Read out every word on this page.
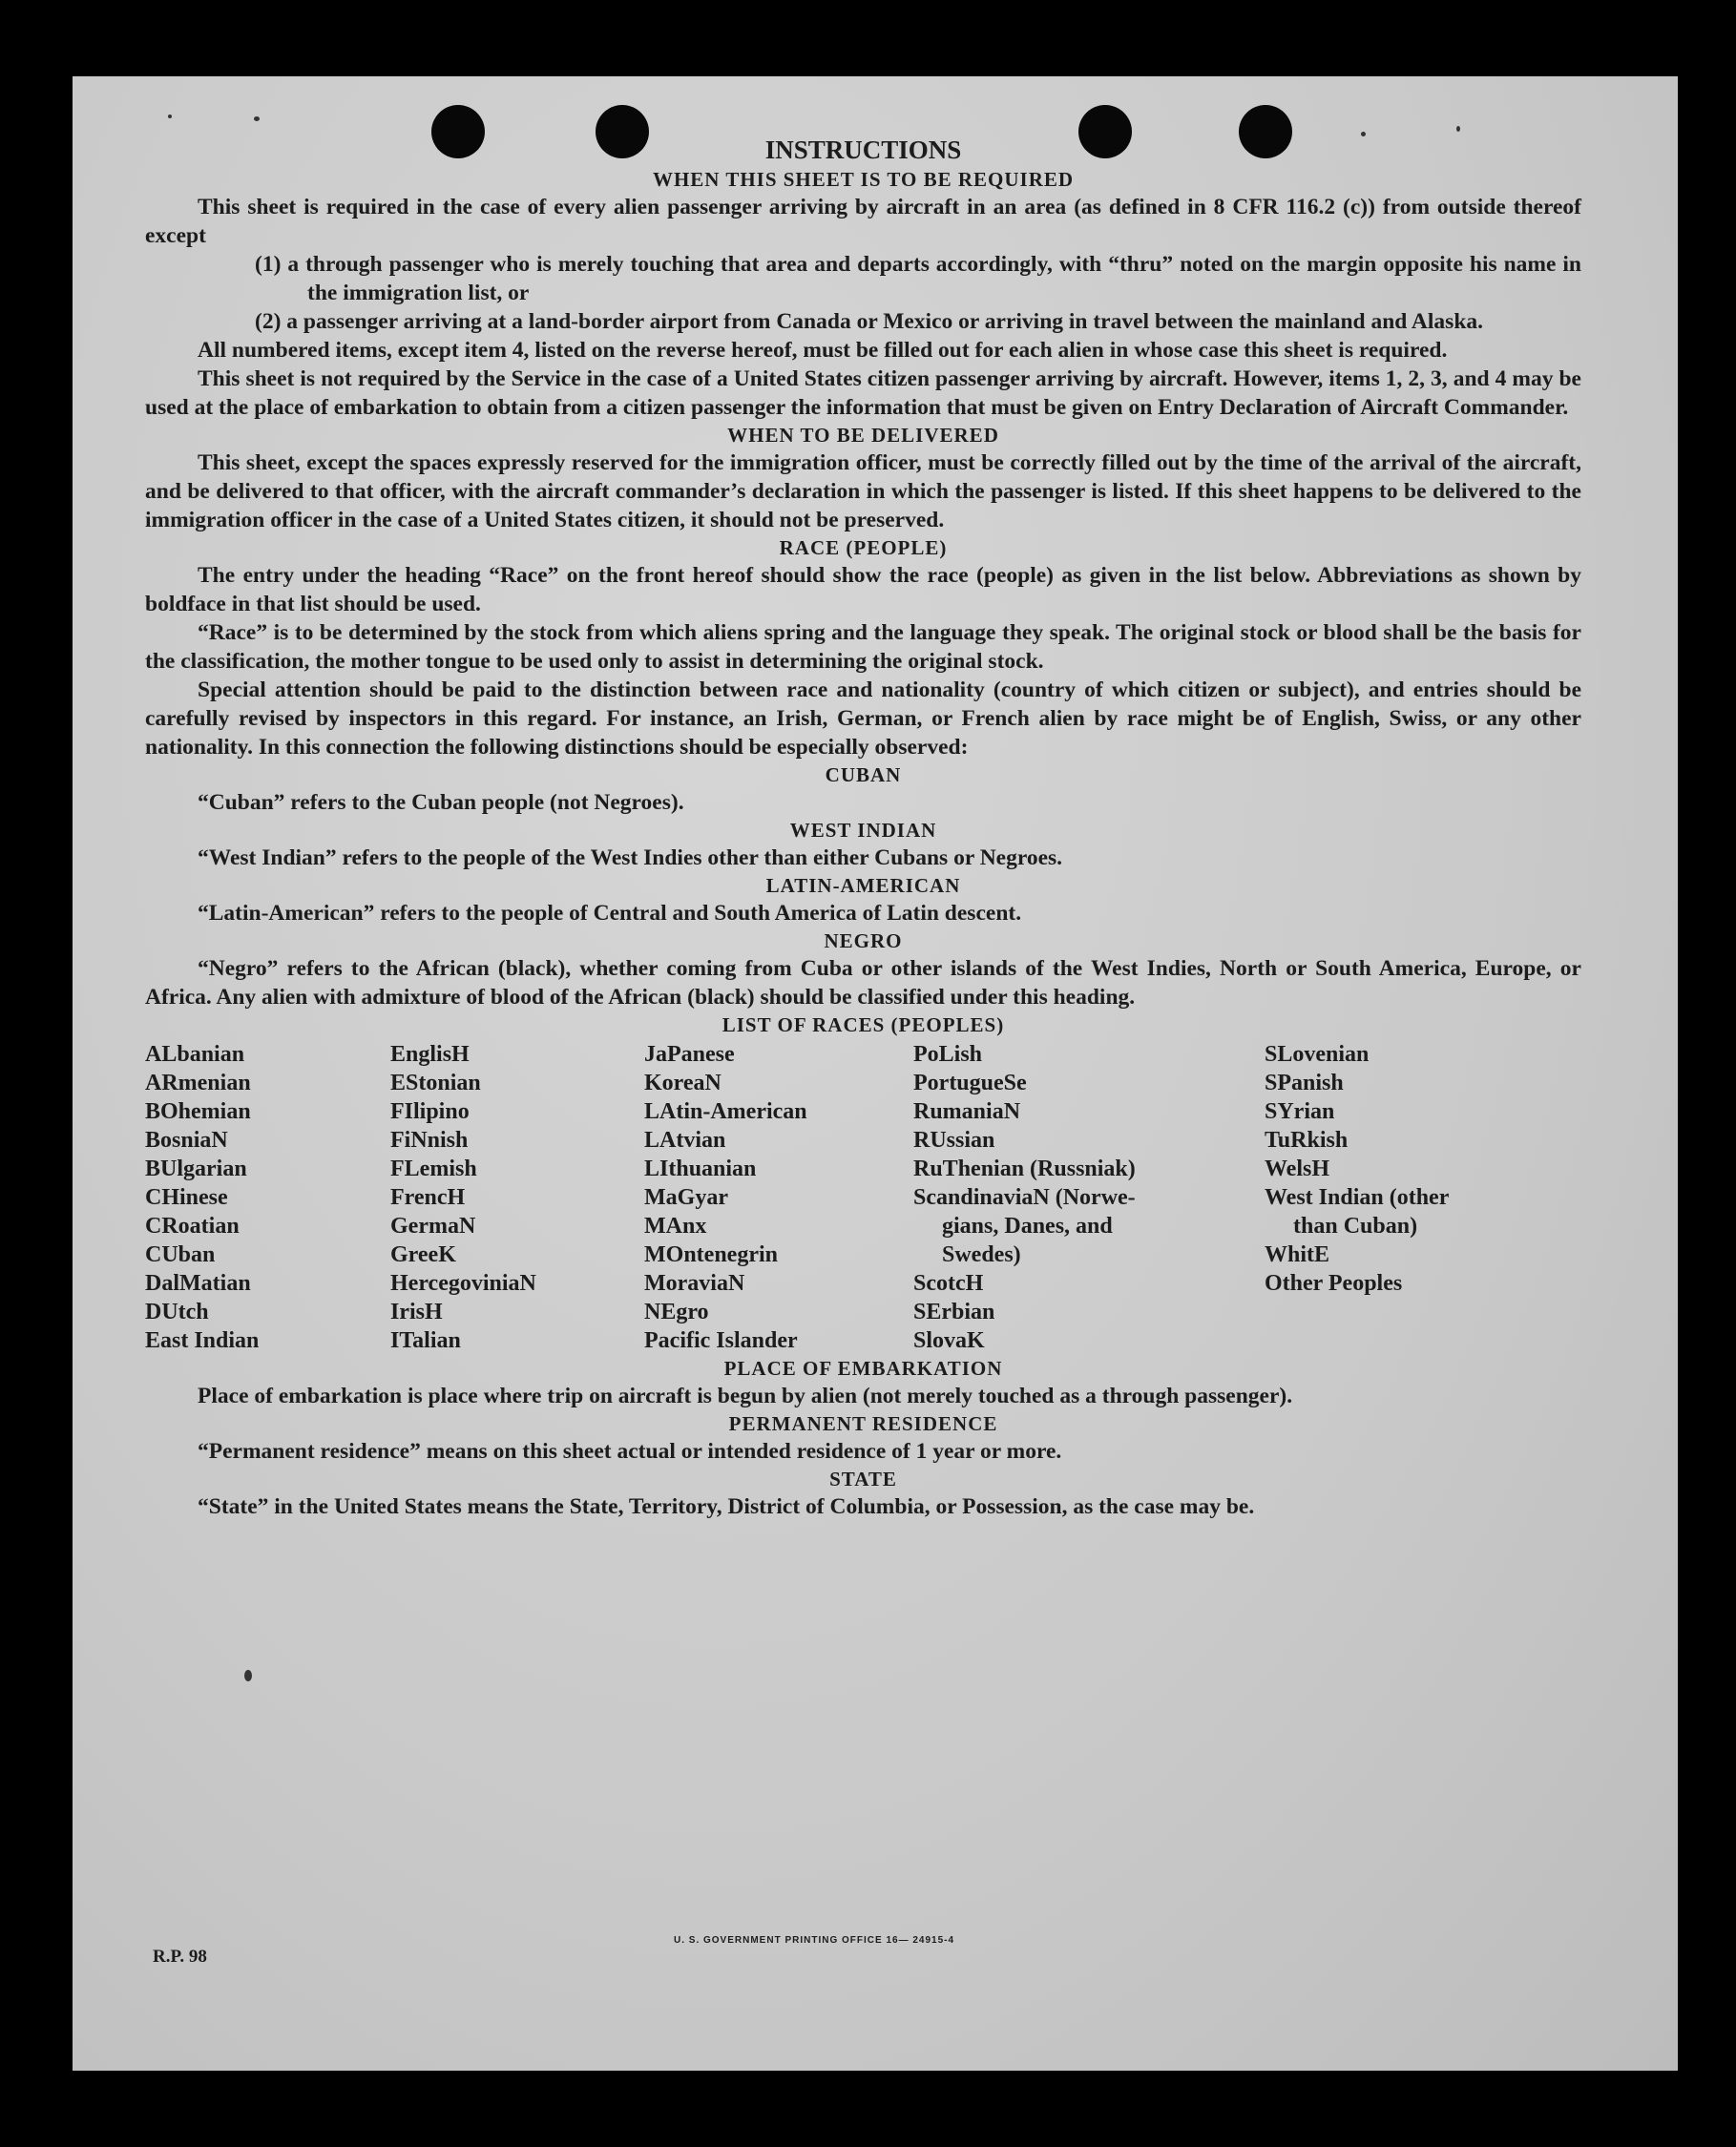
INSTRUCTIONS
WHEN THIS SHEET IS TO BE REQUIRED

This sheet is required in the case of every alien passenger arriving by aircraft in an area (as defined in 8 CFR 116.2 (c)) from outside thereof except

(1) a through passenger who is merely touching that area and departs accordingly, with “thru” noted on the margin opposite his name in the immigration list, or

(2) a passenger arriving at a land-border airport from Canada or Mexico or arriving in travel between the mainland and Alaska.

All numbered items, except item 4, listed on the reverse hereof, must be filled out for each alien in whose case this sheet is required.

This sheet is not required by the Service in the case of a United States citizen passenger arriving by aircraft. However, items 1, 2, 3, and 4 may be used at the place of embarkation to obtain from a citizen passenger the information that must be given on Entry Declaration of Aircraft Commander.

WHEN TO BE DELIVERED

This sheet, except the spaces expressly reserved for the immigration officer, must be correctly filled out by the time of the arrival of the aircraft, and be delivered to that officer, with the aircraft commander’s declaration in which the passenger is listed. If this sheet happens to be delivered to the immigration officer in the case of a United States citizen, it should not be preserved.

RACE (PEOPLE)

The entry under the heading “Race” on the front hereof should show the race (people) as given in the list below. Abbreviations as shown by boldface in that list should be used.

“Race” is to be determined by the stock from which aliens spring and the language they speak. The original stock or blood shall be the basis for the classification, the mother tongue to be used only to assist in determining the original stock.

Special attention should be paid to the distinction between race and nationality (country of which citizen or subject), and entries should be carefully revised by inspectors in this regard. For instance, an Irish, German, or French alien by race might be of English, Swiss, or any other nationality. In this connection the following distinctions should be especially observed:

CUBAN

“Cuban” refers to the Cuban people (not Negroes).

WEST INDIAN

“West Indian” refers to the people of the West Indies other than either Cubans or Negroes.

LATIN-AMERICAN

“Latin-American” refers to the people of Central and South America of Latin descent.

NEGRO

“Negro” refers to the African (black), whether coming from Cuba or other islands of the West Indies, North or South America, Europe, or Africa. Any alien with admixture of blood of the African (black) should be classified under this heading.

LIST OF RACES (PEOPLES)
ALbanian
ARmenian
BOhemian
BosniaN
BUlgarian
CHinese
CRoatian
CUban
DalMatian
DUtch
East Indian
EnglisH
EStonian
FIlipino
FiNnish
FLemish
FrencH
GermaN
GreeK
HercegoviniaN
IrisH
ITalian
JaPanese
KoreaN
LAtin-American
LAtvian
LIthuanian
MaGyar
MAnx
MOntenegrin
MoraviaN
NEgro
Pacific Islander
PoLish
PortugueSe
RumaniaN
RUssian
RuThenian (Russniak)
ScandinaviaN (Norwe-
gians, Danes, and
Swedes)
ScotcH
SErbian
SlovaK
SLovenian
SPanish
SYrian
TuRkish
WelsH
West Indian (other
than Cuban)
WhitE
Other Peoples
PLACE OF EMBARKATION

Place of embarkation is place where trip on aircraft is begun by alien (not merely touched as a through passenger).

PERMANENT RESIDENCE

“Permanent residence” means on this sheet actual or intended residence of 1 year or more.

STATE

“State” in the United States means the State, Territory, District of Columbia, or Possession, as the case may be.

R.P. 98
U. S. GOVERNMENT PRINTING OFFICE 16— 24915-4
